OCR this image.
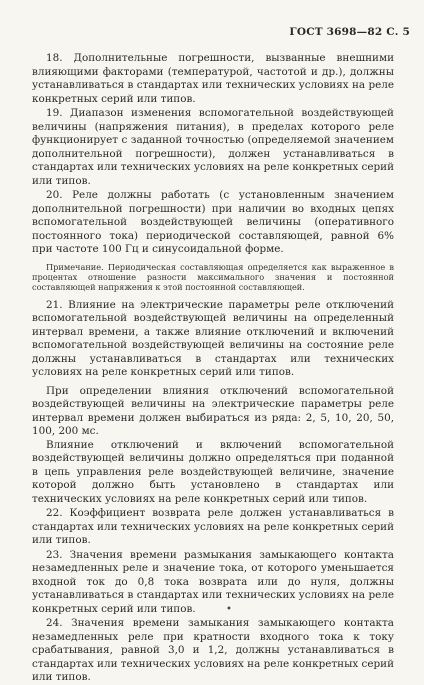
ГОСТ 3698—82 С. 5

18. Дополнительные погрешности, вызванные внешними влияющими факторами (температурой, частотой и др.), должны устанавливаться в стандартах или технических условиях на реле конкретных серий или типов.

19. Диапазон изменения вспомогательной воздействующей величины (напряжения питания), в пределах которого реле функционирует с заданной точностью (определяемой значением дополнительной погрешности), должен устанавливаться в стандартах или технических условиях на реле конкретных серий или типов.

20. Реле должны работать (с установленным значением дополнительной погрешности) при наличии во входных цепях вспомогательной воздействующей величины (оперативного постоянного тока) периодической составляющей, равной 6% при частоте 100 Гц и синусоидальной форме.

Примечание. Периодическая составляющая определяется как выраженное в процентах отношение разности максимального значения и постоянной составляющей напряжения к этой постоянной составляющей.

21. Влияние на электрические параметры реле отключений вспомогательной воздействующей величины на определенный интервал времени, а также влияние отключений и включений вспомогательной воздействующей величины на состояние реле должны устанавливаться в стандартах или технических условиях на реле конкретных серий или типов.

При определении влияния отключений вспомогательной воздействующей величины на электрические параметры реле интервал времени должен выбираться из ряда: 2, 5, 10, 20, 50, 100, 200 мс.

Влияние отключений и включений вспомогательной воздействующей величины должно определяться при поданной в цепь управления реле воздействующей величине, значение которой должно быть установлено в стандартах или технических условиях на реле конкретных серий или типов.

22. Коэффициент возврата реле должен устанавливаться в стандартах или технических условиях на реле конкретных серий или типов.

23. Значения времени размыкания замыкающего контакта незамедленных реле и значение тока, от которого уменьшается входной ток до 0,8 тока возврата или до нуля, должны устанавливаться в стандартах или технических условиях на реле конкретных серий или типов.

24. Значения времени замыкания замыкающего контакта незамедленных реле при кратности входного тока к току срабатывания, равной 3,0 и 1,2, должны устанавливаться в стандартах или технических условиях на реле конкретных серий или типов.

•
